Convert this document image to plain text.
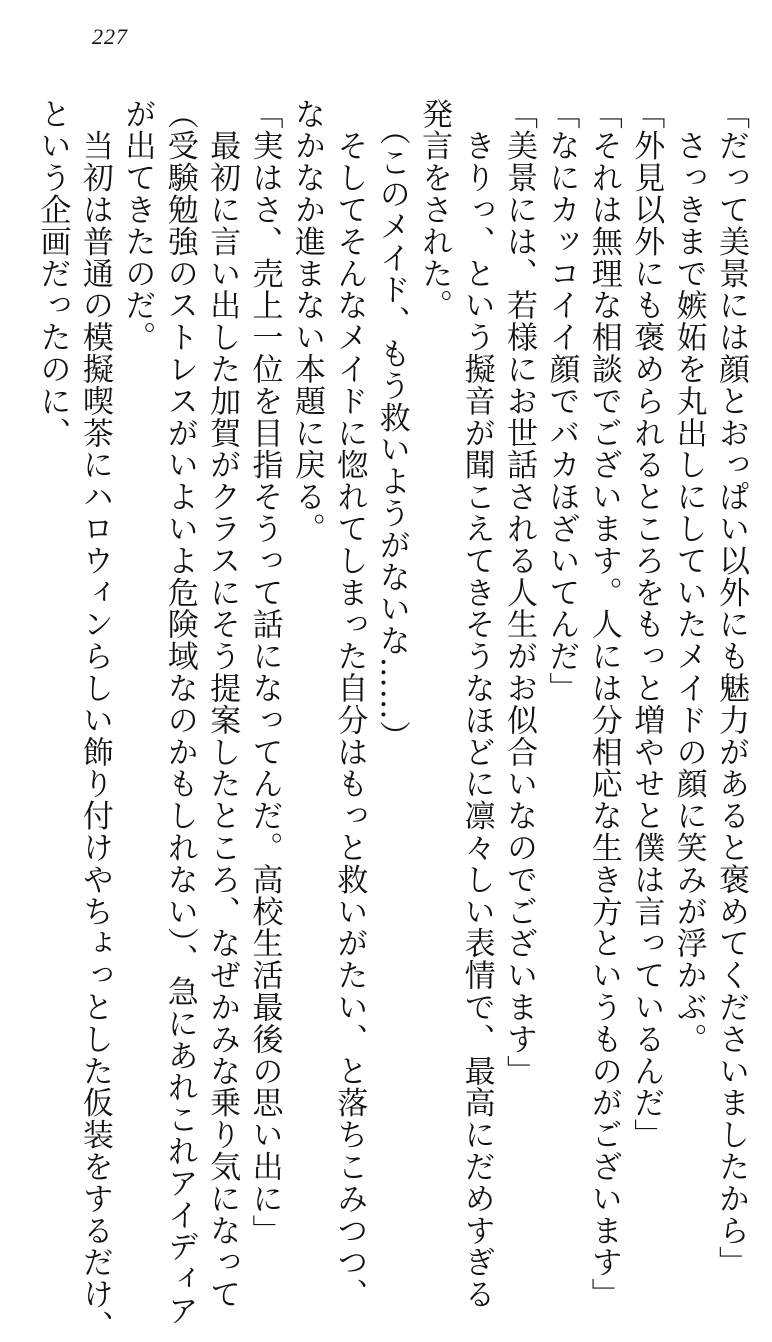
227

「だって美景には顔とおっぱい以外にも魅力があると褒めてくださいましたから」

　さっきまで嫉妬を丸出しにしていたメイドの顔に笑みが浮かぶ。

「外見以外にも褒められるところをもっと増やせと僕は言っているんだ」

「それは無理な相談でございます。人には分相応な生き方というものがございます」

「なにカッコイイ顔でバカほざいてんだ」

「美景には、若様にお世話される人生がお似合いなのでございます」

　きりっ、という擬音が聞こえてきそうなほどに凛々しい表情で、最高にだめすぎる

発言をされた。

　（このメイド、もう救いようがないな……）

　そしてそんなメイドに惚れてしまった自分はもっと救いがたい、と落ちこみつつ、

なかなか進まない本題に戻る。

「実はさ、売上一位を目指そうって話になってんだ。高校生活最後の思い出に」

　最初に言い出した加賀がクラスにそう提案したところ、なぜかみな乗り気になって

（受験勉強のストレスがいよいよ危険域なのかもしれない）、急にあれこれアイディア

が出てきたのだ。

　当初は普通の模擬喫茶にハロウィンらしい飾り付けやちょっとした仮装をするだけ、

という企画だったのに、
